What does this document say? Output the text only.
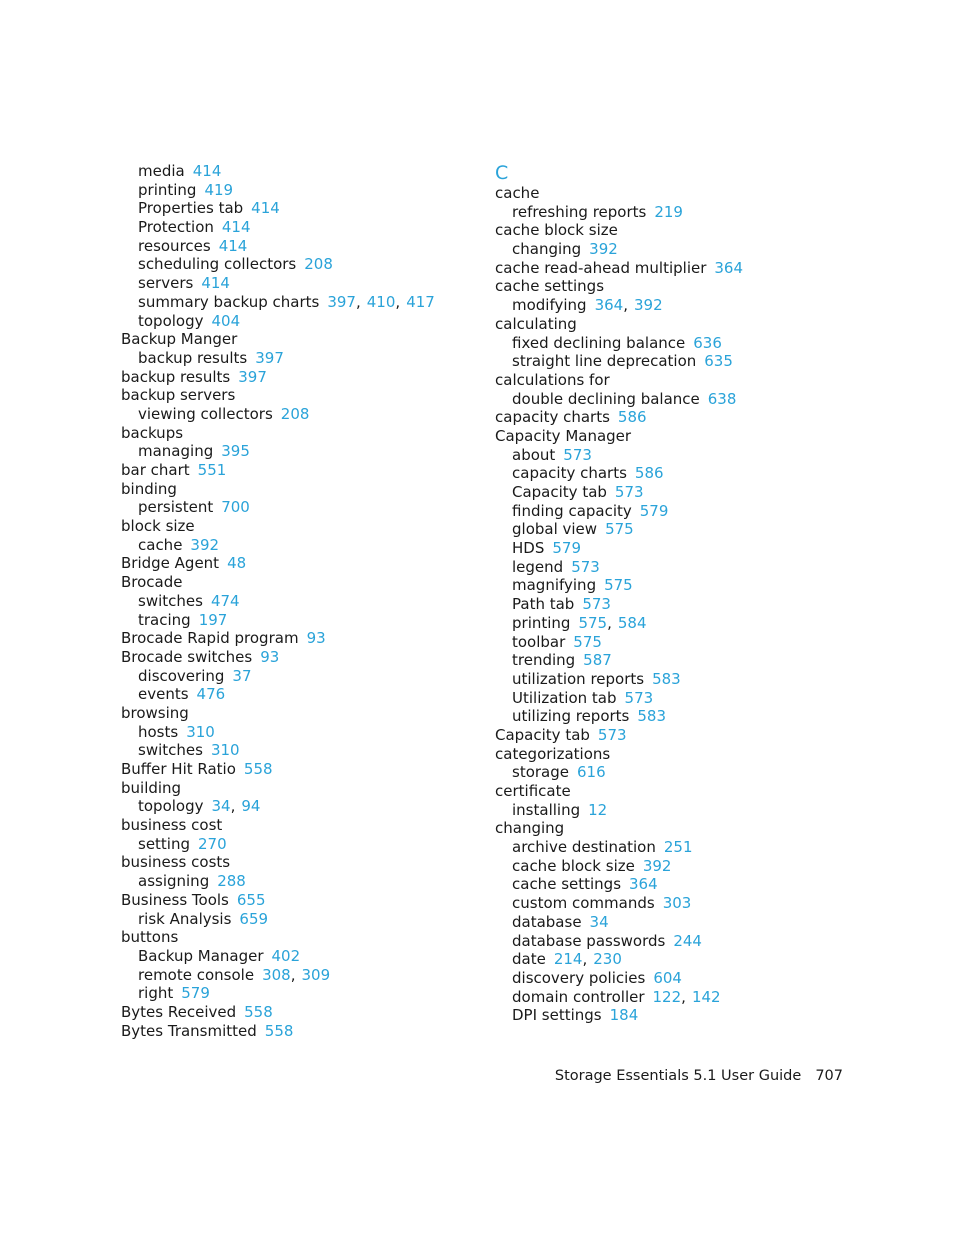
media 414
printing 419
Properties tab 414
Protection 414
resources 414
scheduling collectors 208
servers 414
summary backup charts 397, 410, 417
topology 404
Backup Manger
backup results 397
backup results 397
backup servers
viewing collectors 208
backups
managing 395
bar chart 551
binding
persistent 700
block size
cache 392
Bridge Agent 48
Brocade
switches 474
tracing 197
Brocade Rapid program 93
Brocade switches 93
discovering 37
events 476
browsing
hosts 310
switches 310
Buffer Hit Ratio 558
building
topology 34, 94
business cost
setting 270
business costs
assigning 288
Business Tools 655
risk Analysis 659
buttons
Backup Manager 402
remote console 308, 309
right 579
Bytes Received 558
Bytes Transmitted 558
C
cache
refreshing reports 219
cache block size
changing 392
cache read-ahead multiplier 364
cache settings
modifying 364, 392
calculating
fixed declining balance 636
straight line deprecation 635
calculations for
double declining balance 638
capacity charts 586
Capacity Manager
about 573
capacity charts 586
Capacity tab 573
finding capacity 579
global view 575
HDS 579
legend 573
magnifying 575
Path tab 573
printing 575, 584
toolbar 575
trending 587
utilization reports 583
Utilization tab 573
utilizing reports 583
Capacity tab 573
categorizations
storage 616
certificate
installing 12
changing
archive destination 251
cache block size 392
cache settings 364
custom commands 303
database 34
database passwords 244
date 214, 230
discovery policies 604
domain controller 122, 142
DPI settings 184
Storage Essentials 5.1 User Guide 707
